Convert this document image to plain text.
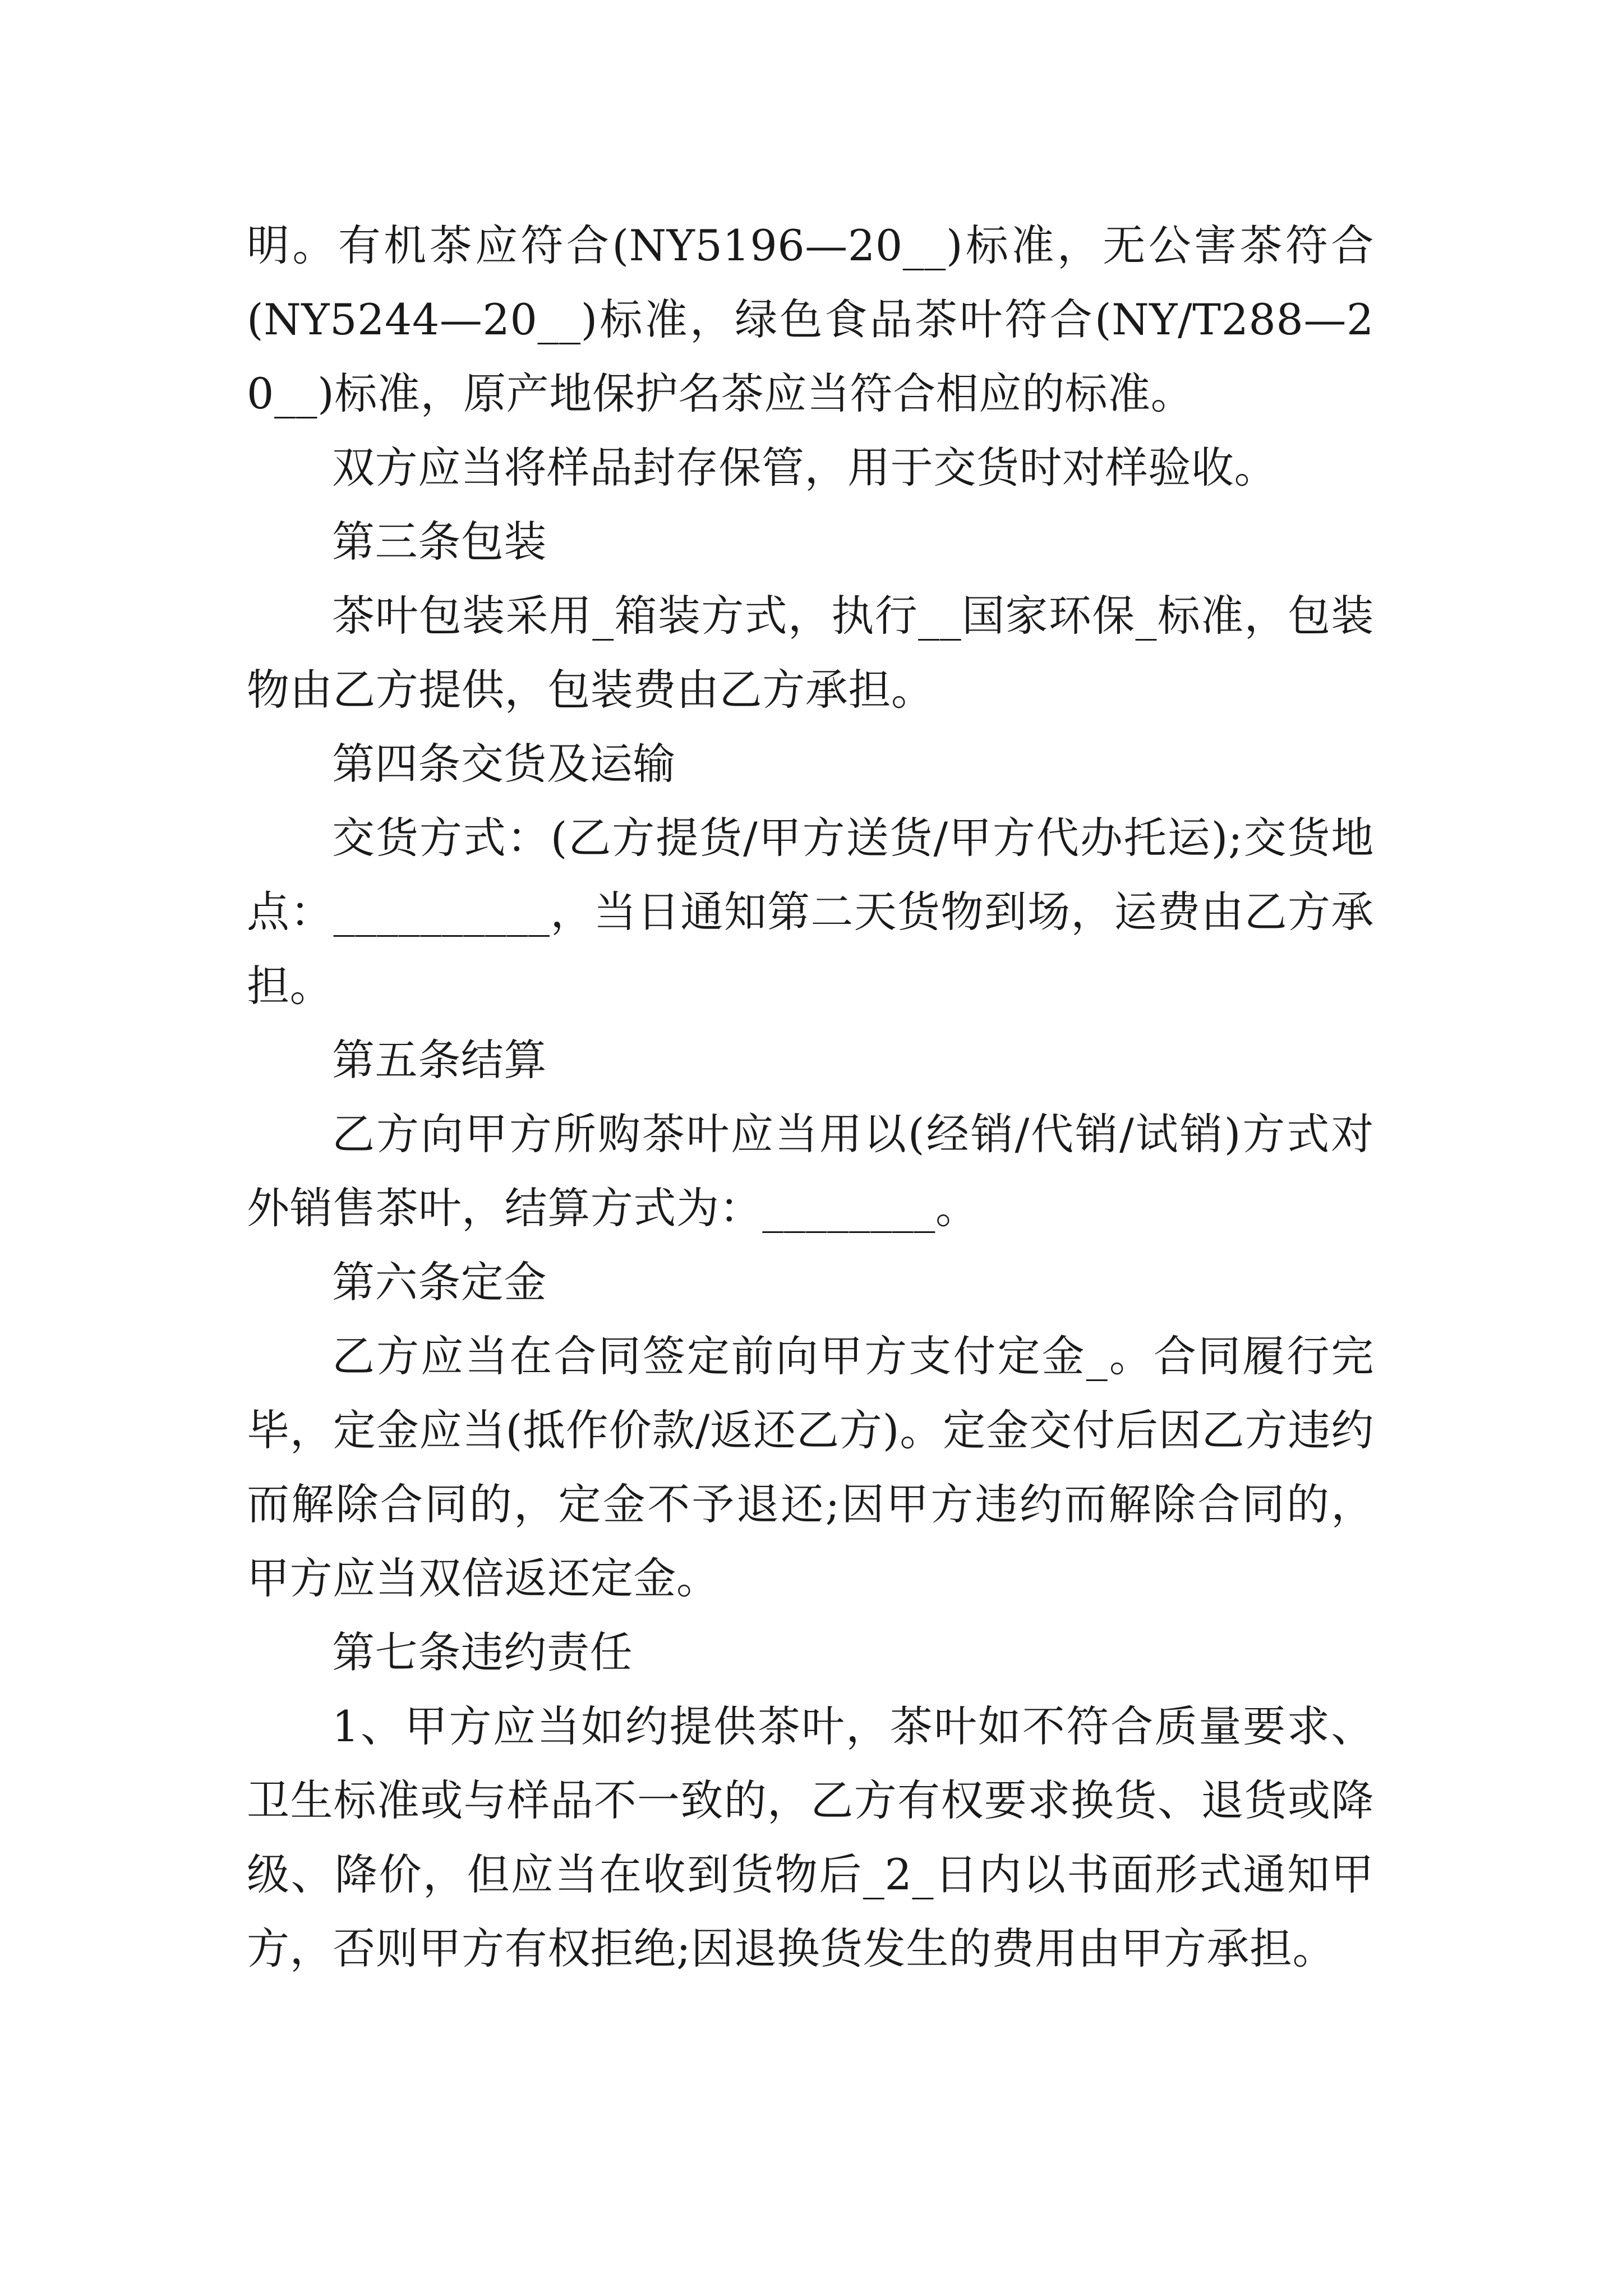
明。有机茶应符合(NY5196—20__)标准，无公害茶符合(NY5244—20__)标准，绿色食品茶叶符合(NY/T288—20__)标准，原产地保护名茶应当符合相应的标准。

双方应当将样品封存保管，用于交货时对样验收。

第三条包装

茶叶包装采用_箱装方式，执行__国家环保_标准，包装物由乙方提供，包装费由乙方承担。

第四条交货及运输

交货方式：(乙方提货/甲方送货/甲方代办托运);交货地点：__________，当日通知第二天货物到场，运费由乙方承担。

第五条结算

乙方向甲方所购茶叶应当用以(经销/代销/试销)方式对外销售茶叶，结算方式为：________。

第六条定金

乙方应当在合同签定前向甲方支付定金_。合同履行完毕，定金应当(抵作价款/返还乙方)。定金交付后因乙方违约而解除合同的，定金不予退还;因甲方违约而解除合同的，甲方应当双倍返还定金。

第七条违约责任

1、甲方应当如约提供茶叶，茶叶如不符合质量要求、卫生标准或与样品不一致的，乙方有权要求换货、退货或降级、降价，但应当在收到货物后_2_日内以书面形式通知甲方，否则甲方有权拒绝;因退换货发生的费用由甲方承担。
